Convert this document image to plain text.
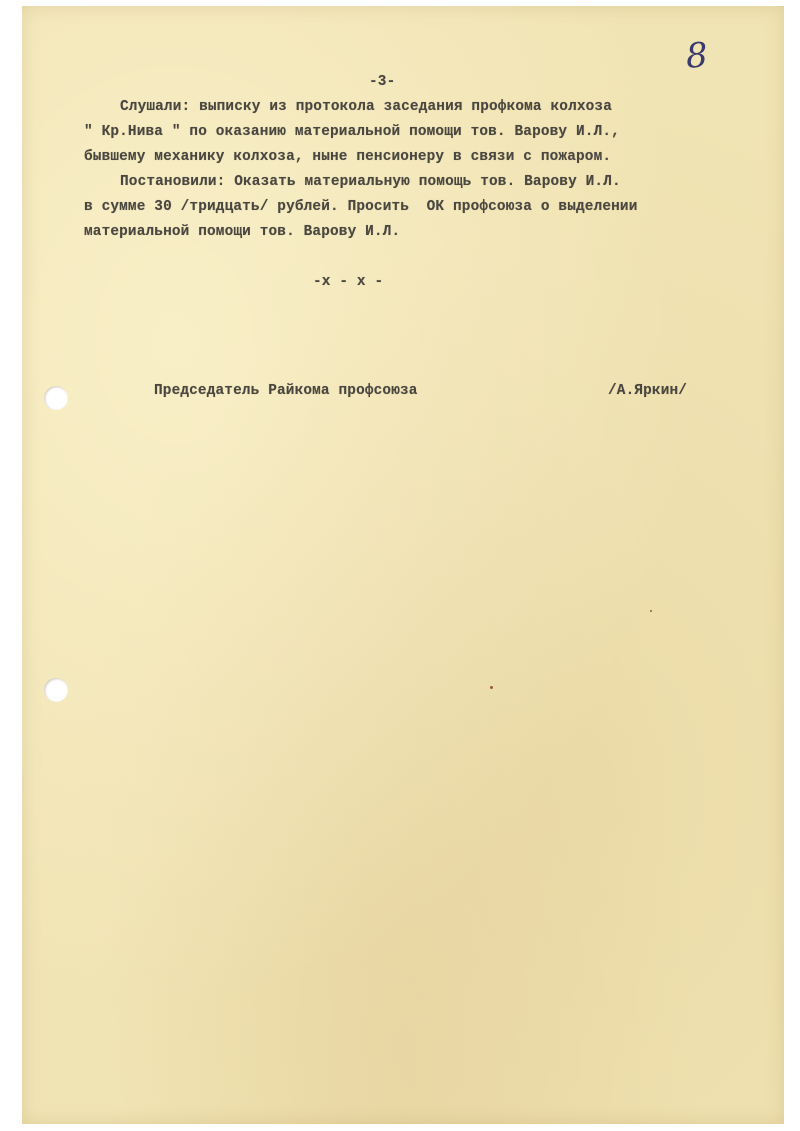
8
-3-
Слушали: выписку из протокола заседания профкома колхоза
" Кр.Нива " по оказанию материальной помощи тов. Варову И.Л.,
бывшему механику колхоза, ныне пенсионеру в связи с пожаром.
Постановили: Оказать материальную помощь тов. Варову И.Л.
в сумме 30 /тридцать/ рублей. Просить  ОК профсоюза о выделении
материальной помощи тов. Варову И.Л.
-x - x -
Председатель Райкома профсоюза	/А.Яркин/
